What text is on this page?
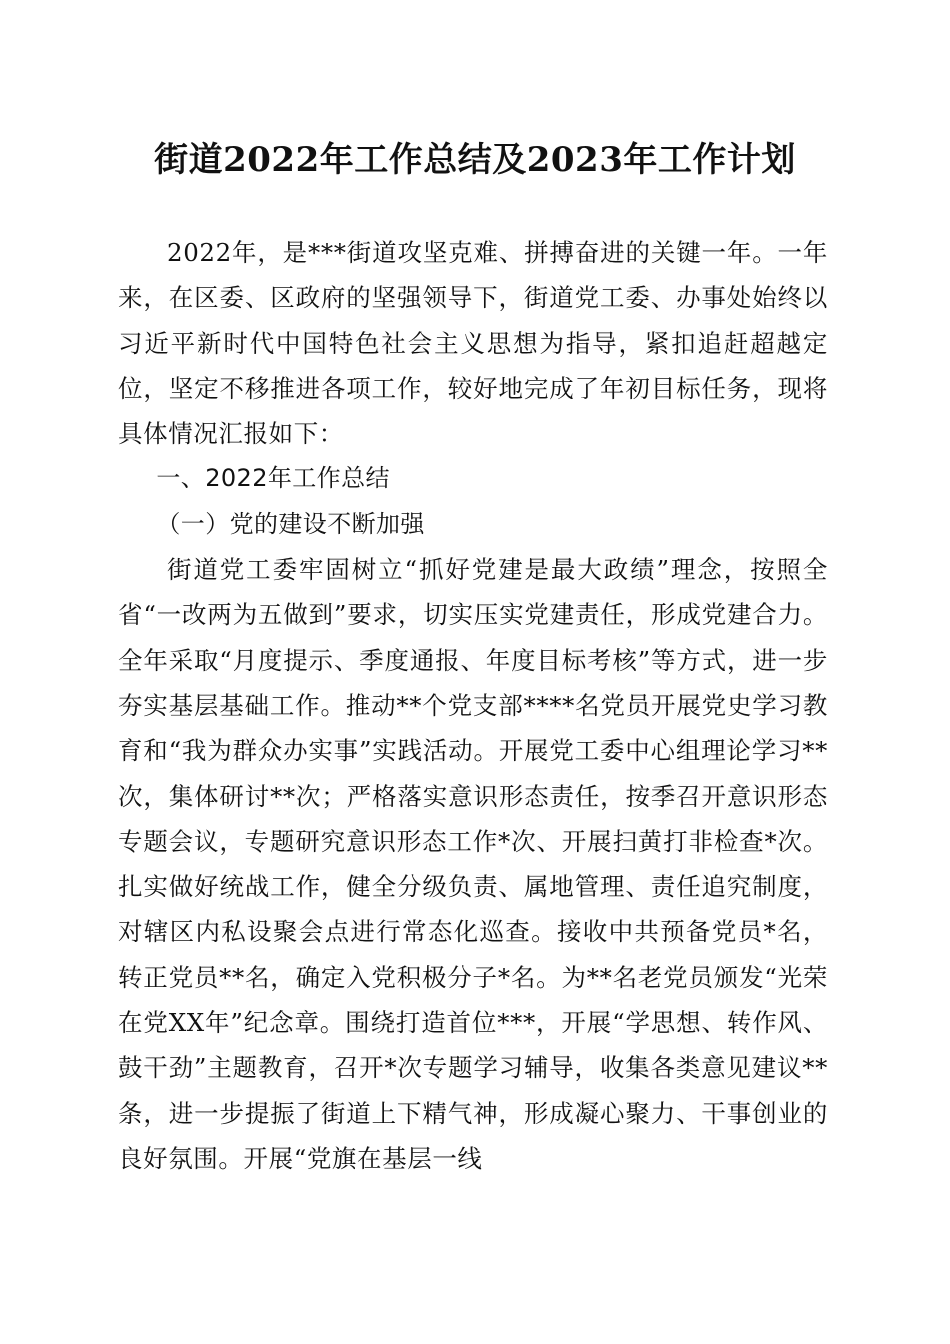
街道2022年工作总结及2023年工作计划

2022年，是***街道攻坚克难、拼搏奋进的关键一年。一年来，在区委、区政府的坚强领导下，街道党工委、办事处始终以习近平新时代中国特色社会主义思想为指导，紧扣追赶超越定位，坚定不移推进各项工作，较好地完成了年初目标任务，现将具体情况汇报如下：

一、2022年工作总结

（一）党的建设不断加强

街道党工委牢固树立“抓好党建是最大政绩”理念，按照全省“一改两为五做到”要求，切实压实党建责任，形成党建合力。全年采取“月度提示、季度通报、年度目标考核”等方式，进一步夯实基层基础工作。推动**个党支部****名党员开展党史学习教育和“我为群众办实事”实践活动。开展党工委中心组理论学习**次，集体研讨**次；严格落实意识形态责任，按季召开意识形态专题会议，专题研究意识形态工作*次、开展扫黄打非检查*次。扎实做好统战工作，健全分级负责、属地管理、责任追究制度，对辖区内私设聚会点进行常态化巡查。接收中共预备党员*名，转正党员**名，确定入党积极分子*名。为**名老党员颁发“光荣在党XX年”纪念章。围绕打造首位***，开展“学思想、转作风、鼓干劲”主题教育，召开*次专题学习辅导，收集各类意见建议**条，进一步提振了街道上下精气神，形成凝心聚力、干事创业的良好氛围。开展“党旗在基层一线
